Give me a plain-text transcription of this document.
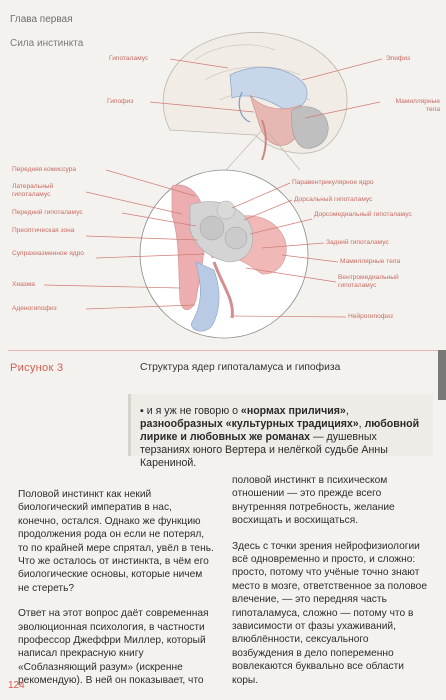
Глава первая
Сила инстинкта
Гипоталамус
Гипофиз
Передняя комиссура
Латеральный гипоталамус
Передний гипоталамус
Преоптическая зона
Супрахиазменное ядро
Хиазма
Аденогипофиз
Эпифиз
Мамиллярные тела
Паравентрикулярное ядро
Дорсальный гипоталамус
Дорсомедиальный гипоталамус
Задний гипоталамус
Мамиллярные тела
Вентромедиальный гипоталамус
Нейрогипофиз
Рисунок 3	Структура ядер гипоталамуса и гипофиза
▪ и я уж не говорю о «нормах приличия», разнообразных «культурных традициях», любовной лирике и любовных же романах — душевных терзаниях юного Вертера и нелёгкой судьбе Анны Карениной.

Половой инстинкт как некий биологический императив в нас, конечно, остался. Однако же функцию продолжения рода он если не потерял, то по крайней мере спрятал, увёл в тень. Что же осталось от инстинкта, в чём его биологические основы, которые ничем не стереть?

Ответ на этот вопрос даёт современная эволюционная психология, в частности профессор Джеффри Миллер, который написал прекрасную книгу «Соблазняющий разум» (искренне рекомендую). В ней он показывает, что

половой инстинкт в психическом отношении — это прежде всего внутренняя потребность, желание восхищать и восхищаться.

Здесь с точки зрения нейрофизиологии всё одновременно и просто, и сложно: просто, потому что учёные точно знают место в мозге, ответственное за половое влечение, — это передняя часть гипоталамуса, сложно — потому что в зависимости от фазы ухаживаний, влюблённости, сексуального возбуждения в дело попеременно вовлекаются буквально все области коры.

124
